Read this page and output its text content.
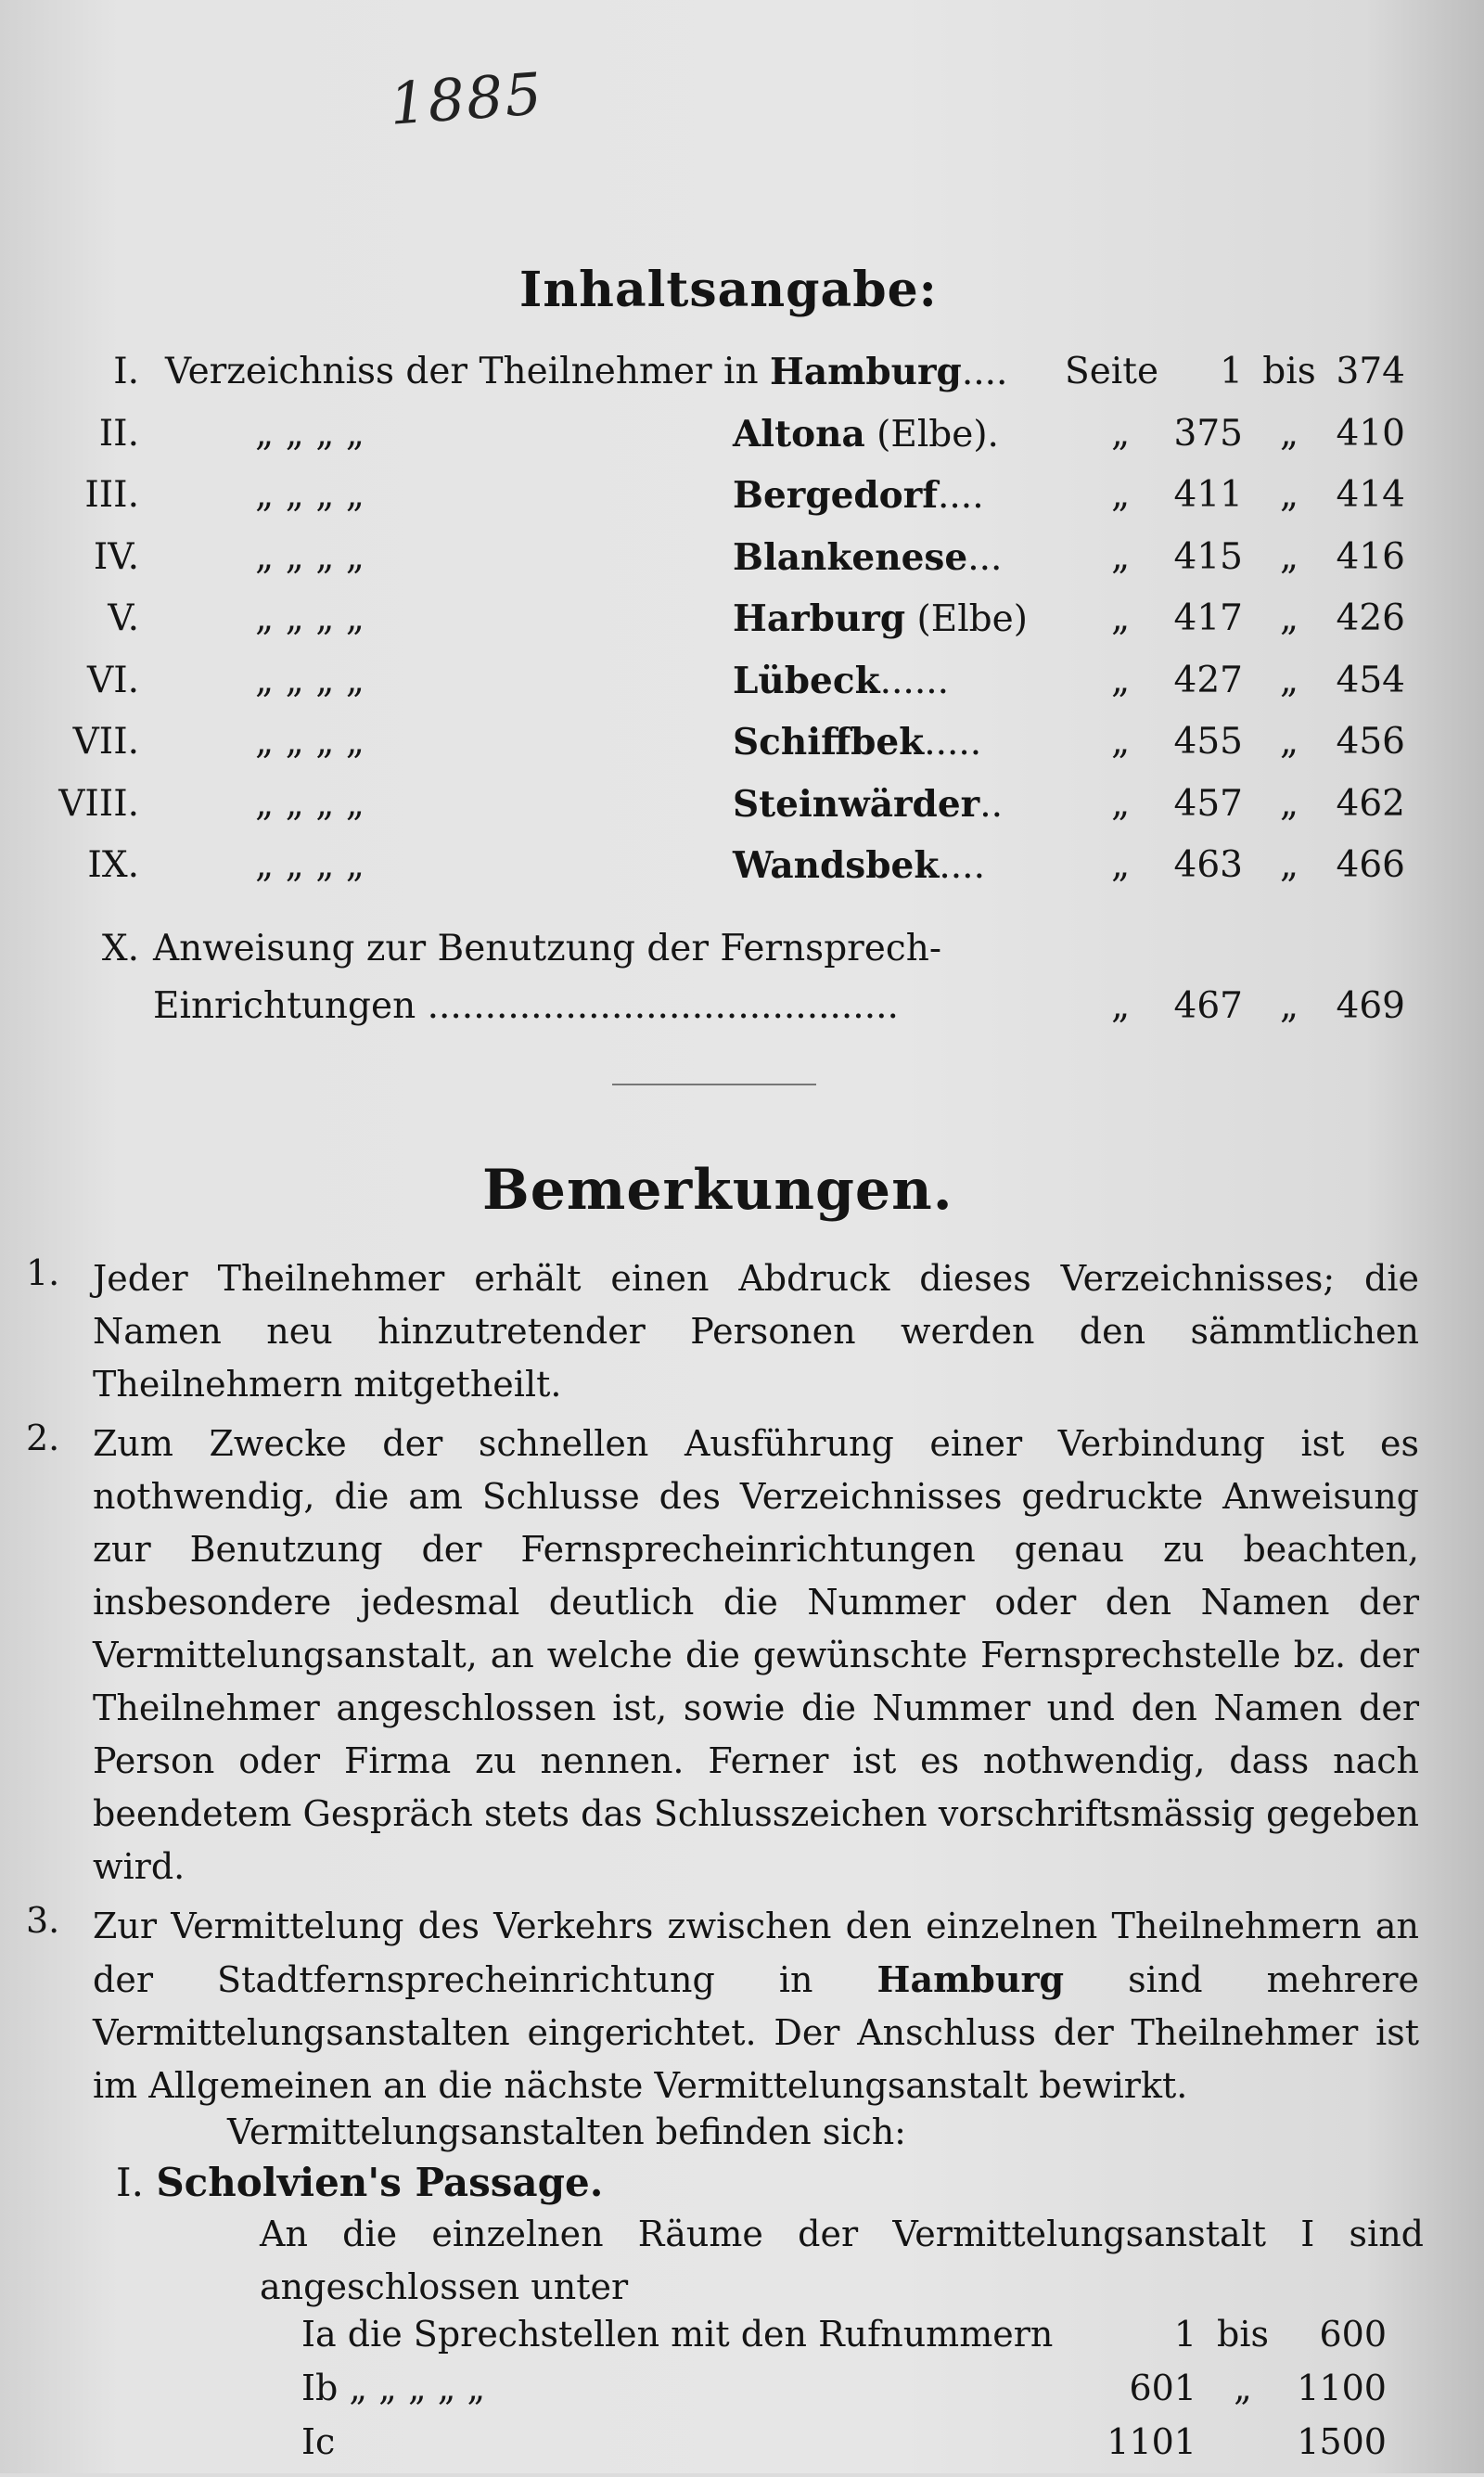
1885
Inhaltsangabe:
I. Verzeichniss der Theilnehmer in Hamburg.... Seite	1 bis 374
II.	„ „ „ „	Altona (Elbe).	„	375	„	410
III.	„ „ „ „	Bergedorf....	„	411	„	414
IV.	„ „ „ „	Blankenese...	„	415	„	416
V.	„ „ „ „	Harburg (Elbe) „	417	„	426
VI.	„ „ „ „	Lübeck......	„	427	„	454
VII.	„ „ „ „	Schiffbek.....	„	455	„	456
VIII.	„ „ „ „	Steinwärder..	„	457	„	462
IX.	„ „ „ „	Wandsbek....	„	463	„	466
X. Anweisung zur Benutzung der Fernsprech-
Einrichtungen .........................................	„	467	„	469
Bemerkungen.
1. Jeder Theilnehmer erhält einen Abdruck dieses Verzeichnisses; die Namen neu hinzutretender Personen werden den sämmtlichen Theilnehmern mitgetheilt.
2. Zum Zwecke der schnellen Ausführung einer Verbindung ist es nothwendig, die am Schlusse des Verzeichnisses gedruckte Anweisung zur Benutzung der Fernsprecheinrichtungen genau zu beachten, insbesondere jedesmal deutlich die Nummer oder den Namen der Vermittelungsanstalt, an welche die gewünschte Fernsprechstelle bz. der Theilnehmer angeschlossen ist, sowie die Nummer und den Namen der Person oder Firma zu nennen. Ferner ist es nothwendig, dass nach beendetem Gespräch stets das Schlusszeichen vorschriftsmässig gegeben wird.
3. Zur Vermittelung des Verkehrs zwischen den einzelnen Theilnehmern an der Stadtfernsprecheinrichtung in Hamburg sind mehrere Vermittelungsanstalten eingerichtet. Der Anschluss der Theilnehmer ist im Allgemeinen an die nächste Vermittelungsanstalt bewirkt.
Vermittelungsanstalten befinden sich:
I. Scholvien's Passage.
An die einzelnen Räume der Vermittelungsanstalt I sind angeschlossen unter
Ia die Sprechstellen mit den Rufnummern	1 bis	600
Ib „ „ „ „ „	601	„	1100
Ic	1101	1500
